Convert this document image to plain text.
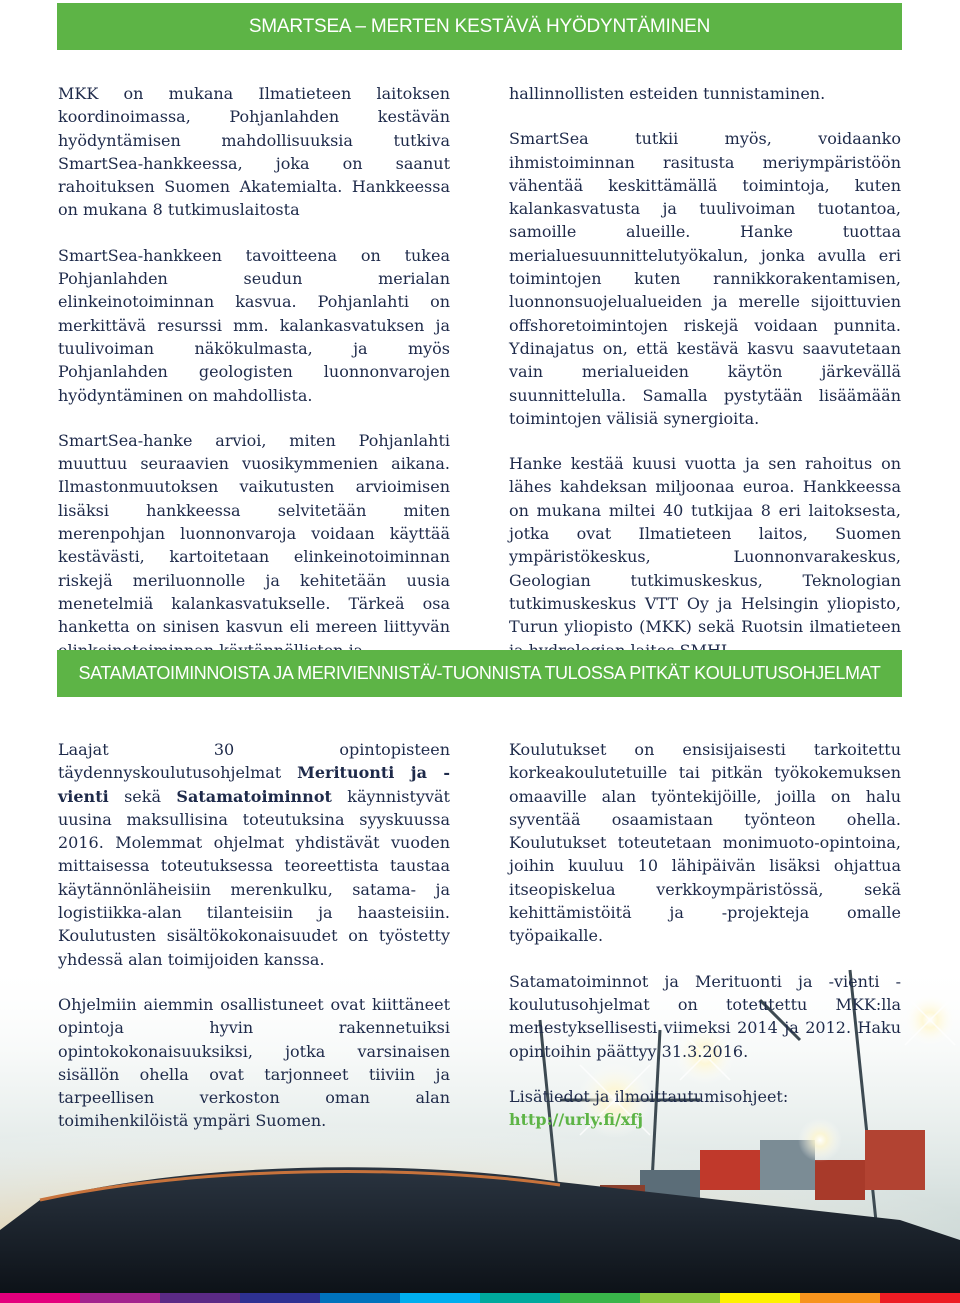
SMARTSEA – MERTEN KESTÄVÄ HYÖDYNTÄMINEN

MKK on mukana Ilmatieteen laitoksen koordinoimassa, Pohjanlahden kestävän hyödyntämisen mahdollisuuksia tutkiva SmartSea-hankkeessa, joka on saanut rahoituksen Suomen Akatemialta. Hankkeessa on mukana 8 tutkimuslaitosta

SmartSea-hankkeen tavoitteena on tukea Pohjanlahden seudun merialan elinkeinotoiminnan kasvua. Pohjanlahti on merkittävä resurssi mm. kalankasvatuksen ja tuulivoiman näkökulmasta, ja myös Pohjanlahden geologisten luonnonvarojen hyödyntäminen on mahdollista.

SmartSea-hanke arvioi, miten Pohjanlahti muuttuu seuraavien vuosikymmenien aikana. Ilmastonmuutoksen vaikutusten arvioimisen lisäksi hankkeessa selvitetään miten merenpohjan luonnonvaroja voidaan käyttää kestävästi, kartoitetaan elinkeinotoiminnan riskejä meriluonnolle ja kehitetään uusia menetelmiä kalankasvatukselle. Tärkeä osa hanketta on sinisen kasvun eli mereen liittyvän

hallinnollisten esteiden tunnistaminen.

SmartSea tutkii myös, voidaanko ihmistoiminnan rasitusta meriympäristöön vähentää keskittämällä toimintoja, kuten kalankasvatusta ja tuulivoiman tuotantoa, samoille alueille. Hanke tuottaa merialuesuunnittelutyökalun, jonka avulla eri toimintojen kuten rannikkorakentamisen, luonnonsuojelualueiden ja merelle sijoittuvien offshoretoimintojen riskejä voidaan punnita. Ydinajatus on, että kestävä kasvu saavutetaan vain merialueiden käytön järkevällä suunnittelulla. Samalla pystytään lisäämään toimintojen välisiä synergioita.

Hanke kestää kuusi vuotta ja sen rahoitus on lähes kahdeksan miljoonaa euroa. Hankkeessa on mukana miltei 40 tutkijaa 8 eri laitoksesta, jotka ovat Ilmatieteen laitos, Suomen ympäristökeskus, Luonnonvarakeskus, Geologian tutkimuskeskus, Teknologian tutkimuskeskus VTT Oy ja Helsingin yliopisto, Turun yliopisto (MKK) sekä Ruotsin ilmatieteen

SATAMATOIMINNOISTA JA MERIVIENNISTÄ/-TUONNISTA TULOSSA PITKÄT KOULUTUSOHJELMAT

Laajat 30 opintopisteen täydennyskoulutusohjelmat Merituonti ja -vienti sekä Satamatoiminnot käynnistyvät uusina maksullisina toteutuksina syyskuussa 2016. Molemmat ohjelmat yhdistävät vuoden mittaisessa toteutuksessa teoreettista taustaa käytännönläheisiin merenkulku, satama- ja logistiikka-alan tilanteisiin ja haasteisiin. Koulutusten sisältökokonaisuudet on työstetty yhdessä alan toimijoiden kanssa.

Ohjelmiin aiemmin osallistuneet ovat kiittäneet opintoja hyvin rakennetuiksi opintokokonaisuuksiksi, jotka varsinaisen sisällön ohella ovat tarjonneet tiiviin ja tarpeellisen verkoston oman alan toimihenkilöistä ympäri Suomen.

Koulutukset on ensisijaisesti tarkoitettu korkeakoulutetuille tai pitkän työkokemuksen omaaville alan työntekijöille, joilla on halu syventää osaamistaan työnteon ohella. Koulutukset toteutetaan monimuoto-opintoina, joihin kuuluu 10 lähipäivän lisäksi ohjattua itseopiskelua verkkoympäristössä, sekä kehittämistöitä ja -projekteja omalle työpaikalle.

Satamatoiminnot ja Merituonti ja -vienti -koulutusohjelmat on toteutettu MKK:lla menestyksellisesti viimeksi 2014 ja 2012. Haku opintoihin päättyy 31.3.2016.

Lisätiedot ja ilmoittautumisohjeet:

http://urly.fi/xfj
